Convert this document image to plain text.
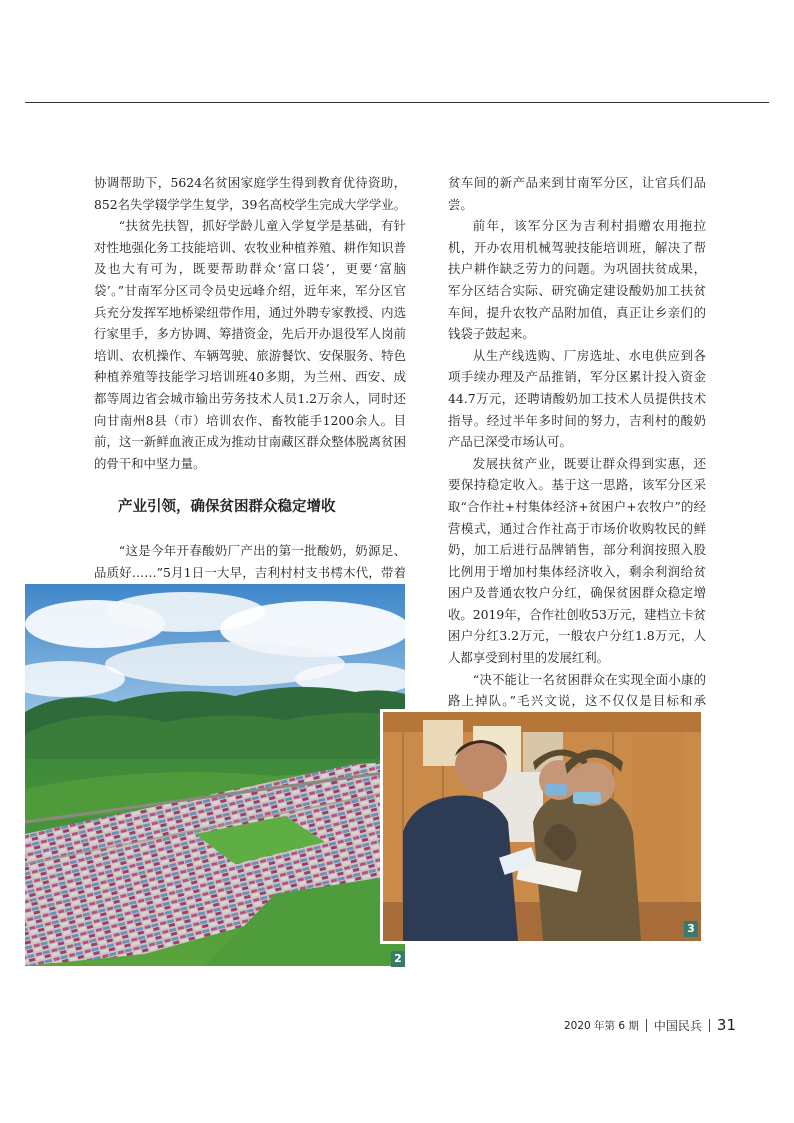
协调帮助下，5624名贫困家庭学生得到教育优待资助，852名失学辍学学生复学，39名高校学生完成大学学业。

“扶贫先扶智，抓好学龄儿童入学复学是基础，有针对性地强化务工技能培训、农牧业种植养殖、耕作知识普及也大有可为，既要帮助群众‘富口袋’，更要‘富脑袋’。”甘南军分区司令员史远峰介绍，近年来，军分区官兵充分发挥军地桥梁纽带作用，通过外聘专家教授、内选行家里手，多方协调、筹措资金，先后开办退役军人岗前培训、农机操作、车辆驾驶、旅游餐饮、安保服务、特色种植养殖等技能学习培训班40多期，为兰州、西安、成都等周边省会城市输出劳务技术人员1.2万余人，同时还向甘南州8县（市）培训农作、畜牧能手1200余人。目前，这一新鲜血液正成为推动甘南藏区群众整体脱离贫困的骨干和中坚力量。

产业引领，确保贫困群众稳定增收

“这是今年开春酸奶厂产出的第一批酸奶，奶源足、品质好……”5月1日一大早，吉利村村支书樗木代，带着

贫车间的新产品来到甘南军分区，让官兵们品尝。

前年，该军分区为吉利村捐赠农用拖拉机，开办农用机械驾驶技能培训班，解决了帮扶户耕作缺乏劳力的问题。为巩固扶贫成果，军分区结合实际、研究确定建设酸奶加工扶贫车间，提升农牧产品附加值，真正让乡亲们的钱袋子鼓起来。

从生产线选购、厂房选址、水电供应到各项手续办理及产品推销，军分区累计投入资金44.7万元，还聘请酸奶加工技术人员提供技术指导。经过半年多时间的努力，吉利村的酸奶产品已深受市场认可。

发展扶贫产业，既要让群众得到实惠，还要保持稳定收入。基于这一思路，该军分区采取“合作社+村集体经济+贫困户+农牧户”的经营模式，通过合作社高于市场价收购牧民的鲜奶，加工后进行品牌销售，部分利润按照入股比例用于增加村集体经济收入，剩余利润给贫困户及普通农牧户分红，确保贫困群众稳定增收。2019年，合作社创收53万元，建档立卡贫困户分红3.2万元，一般农户分红1.8万元，人人都享受到村里的发展红利。

“决不能让一名贫困群众在实现全面小康的路上掉队。”毛兴文说，这不仅仅是目标和承

2
3
2020 年第 6 期 中国民兵 31
